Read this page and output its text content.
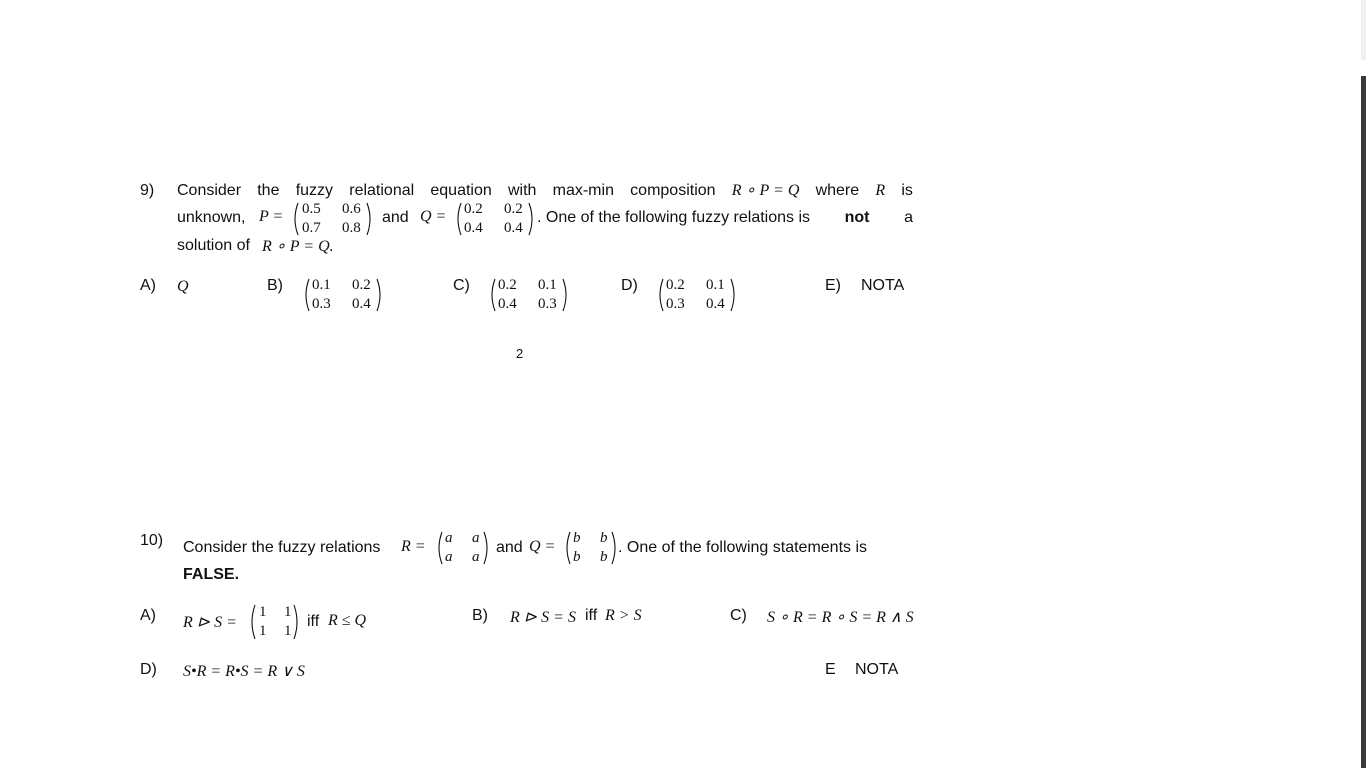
9) Consider the fuzzy relational equation with max-min composition R ∘ P = Q where R is
unknown, P = 0.5 0.6
0.7 0.8
and Q = 0.2 0.2
0.4 0.4
. One of the following fuzzy relations is not a
solution of R ∘ P = Q.
A) Q	B) 0.1 0.2
0.3 0.4
C) 0.2 0.1
0.4 0.3
D) 0.2 0.1
0.3 0.4
E) NOTA
2
10) Consider the fuzzy relations R = a a
a a
and Q = b b
b b
. One of the following statements is
FALSE.
A) R ⊳ S =
1 1
1 1
iff R ≤ Q	B) R ⊳ S = S iff R > S	C) S ∘ R = R ∘ S = R ∧ S
D) S•R = R•S = R ∨ S	E NOTA
